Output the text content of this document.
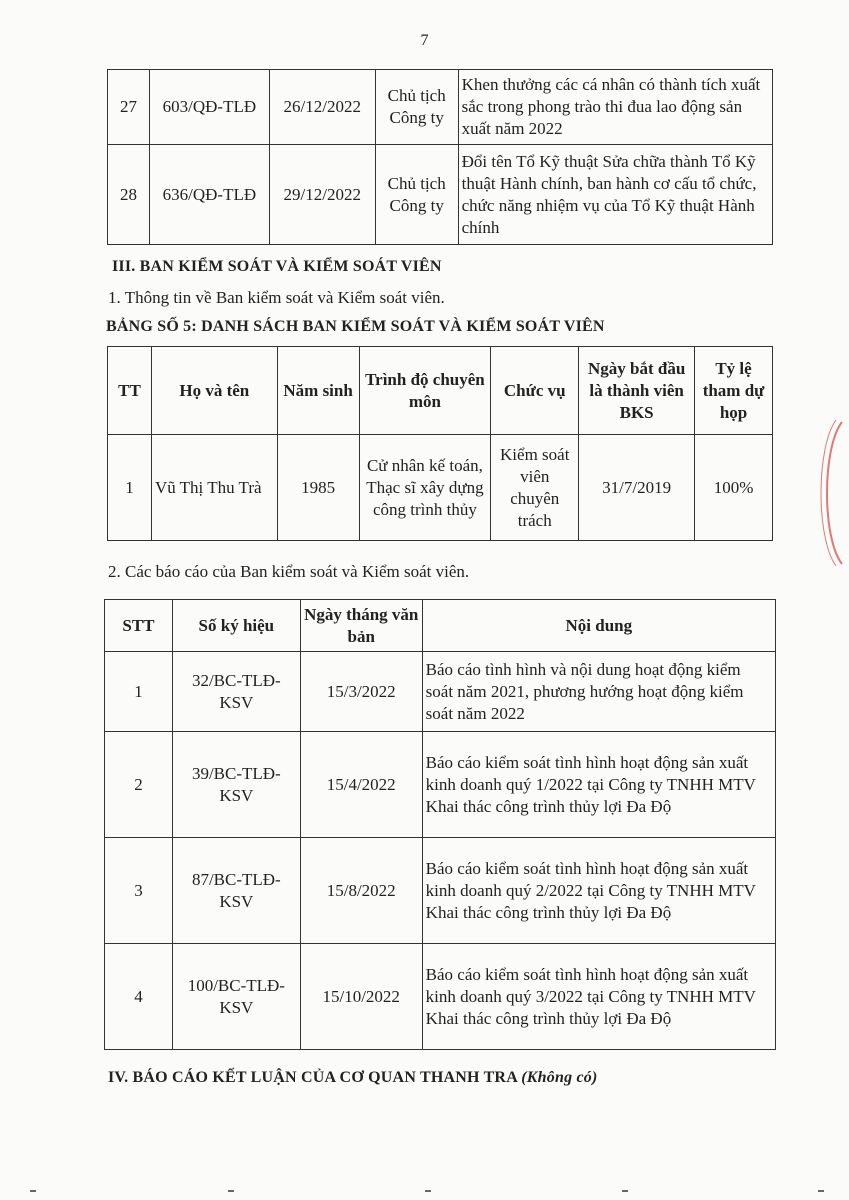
7
27	603/QĐ-TLĐ	26/12/2022	Chủ tịch Công ty	Khen thưởng các cá nhân có thành tích xuất sắc trong phong trào thi đua lao động sản xuất năm 2022
28	636/QĐ-TLĐ	29/12/2022	Chủ tịch Công ty	Đổi tên Tổ Kỹ thuật Sửa chữa thành Tổ Kỹ thuật Hành chính, ban hành cơ cấu tổ chức, chức năng nhiệm vụ của Tổ Kỹ thuật Hành chính
III. BAN KIỂM SOÁT VÀ KIỂM SOÁT VIÊN
1. Thông tin về Ban kiểm soát và Kiểm soát viên.
BẢNG SỐ 5: DANH SÁCH BAN KIỂM SOÁT VÀ KIỂM SOÁT VIÊN
TT	Họ và tên	Năm sinh	Trình độ chuyên môn	Chức vụ	Ngày bắt đầu là thành viên BKS	Tỷ lệ tham dự họp
1	Vũ Thị Thu Trà	1985	Cử nhân kế toán, Thạc sĩ xây dựng công trình thủy	Kiểm soát viên chuyên trách	31/7/2019	100%
2. Các báo cáo của Ban kiểm soát và Kiểm soát viên.
STT	Số ký hiệu	Ngày tháng văn bản	Nội dung
1	32/BC-TLĐ-KSV	15/3/2022	Báo cáo tình hình và nội dung hoạt động kiểm soát năm 2021, phương hướng hoạt động kiểm soát năm 2022
2	39/BC-TLĐ-KSV	15/4/2022	Báo cáo kiểm soát tình hình hoạt động sản xuất kinh doanh quý 1/2022 tại Công ty TNHH MTV Khai thác công trình thủy lợi Đa Độ
3	87/BC-TLĐ-KSV	15/8/2022	Báo cáo kiểm soát tình hình hoạt động sản xuất kinh doanh quý 2/2022 tại Công ty TNHH MTV Khai thác công trình thủy lợi Đa Độ
4	100/BC-TLĐ-KSV	15/10/2022	Báo cáo kiểm soát tình hình hoạt động sản xuất kinh doanh quý 3/2022 tại Công ty TNHH MTV Khai thác công trình thủy lợi Đa Độ
IV. BÁO CÁO KẾT LUẬN CỦA CƠ QUAN THANH TRA (Không có)
